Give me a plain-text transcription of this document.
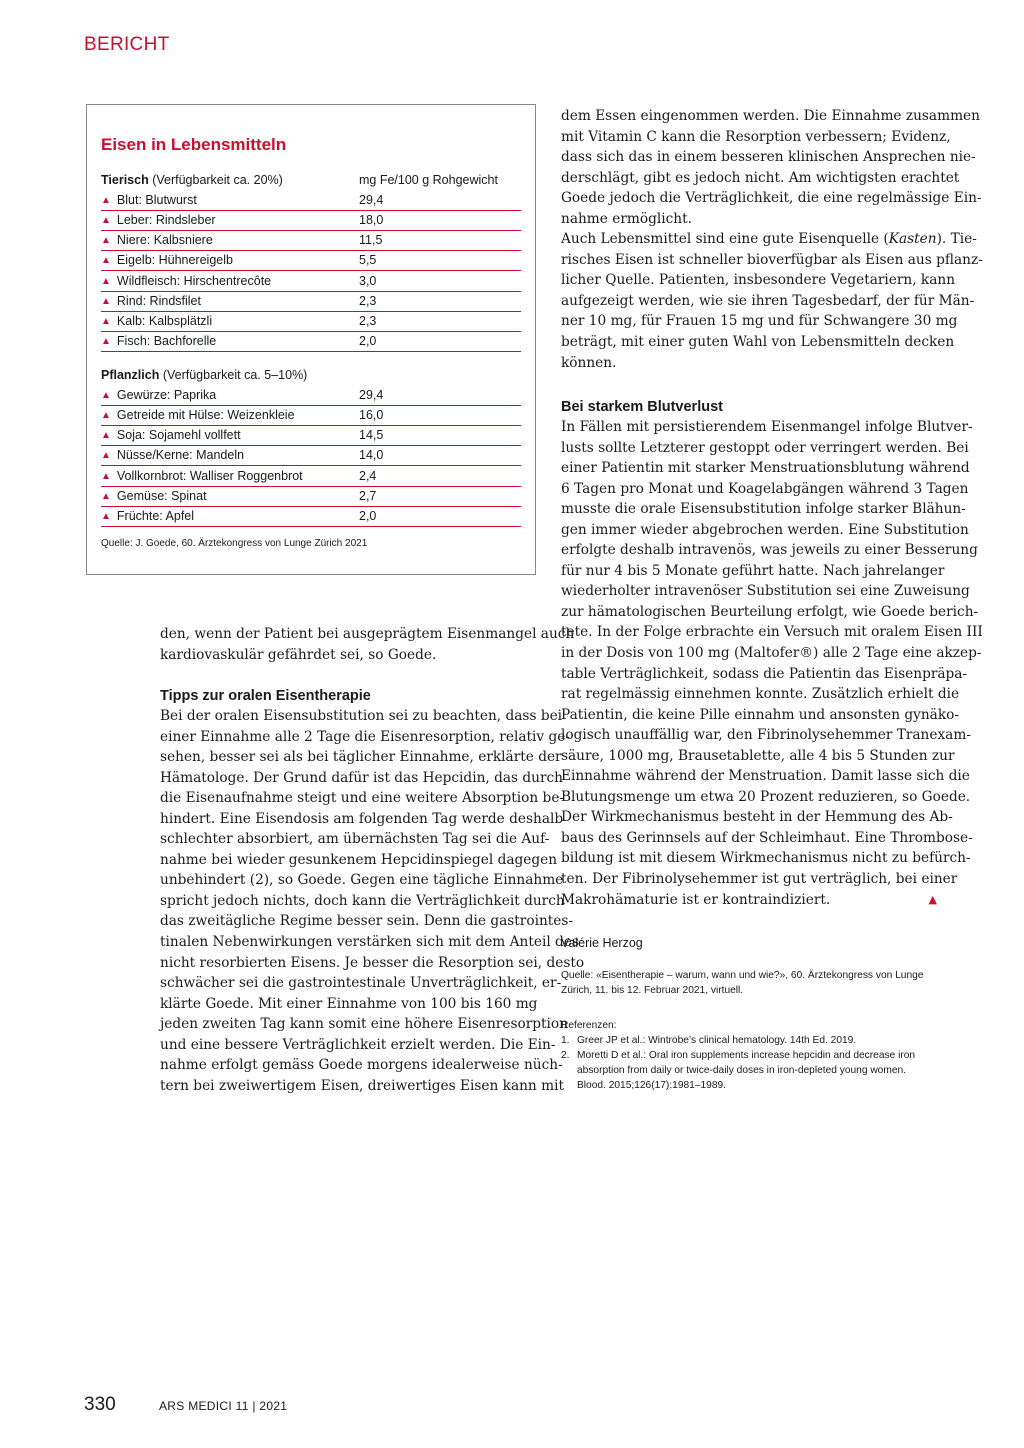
BERICHT
Eisen in Lebensmitteln
Tierisch (Verfügbarkeit ca. 20%)	mg Fe/100 g Rohgewicht
▲ Blut: Blutwurst	29,4
▲ Leber: Rindsleber	18,0
▲ Niere: Kalbsniere	11,5
▲ Eigelb: Hühnereigelb	5,5
▲ Wildfleisch: Hirschentrecôte	3,0
▲ Rind: Rindsfilet	2,3
▲ Kalb: Kalbsplätzli	2,3
▲ Fisch: Bachforelle	2,0
Pflanzlich (Verfügbarkeit ca. 5–10%)
▲ Gewürze: Paprika	29,4
▲ Getreide mit Hülse: Weizenkleie	16,0
▲ Soja: Sojamehl vollfett	14,5
▲ Nüsse/Kerne: Mandeln	14,0
▲ Vollkornbrot: Walliser Roggenbrot	2,4
▲ Gemüse: Spinat	2,7
▲ Früchte: Apfel	2,0
Quelle: J. Goede, 60. Ärztekongress von Lunge Zürich 2021
den, wenn der Patient bei ausgeprägtem Eisenmangel auch
kardiovaskulär gefährdet sei, so Goede.
Tipps zur oralen Eisentherapie
Bei der oralen Eisensubstitution sei zu beachten, dass bei
einer Einnahme alle 2 Tage die Eisenresorption, relativ ge-
sehen, besser sei als bei täglicher Einnahme, erklärte der
Hämatologe. Der Grund dafür ist das Hepcidin, das durch
die Eisenaufnahme steigt und eine weitere Absorption be-
hindert. Eine Eisendosis am folgenden Tag werde deshalb
schlechter absorbiert, am übernächsten Tag sei die Auf-
nahme bei wieder gesunkenem Hepcidinspiegel dagegen
unbehindert (2), so Goede. Gegen eine tägliche Einnahme
spricht jedoch nichts, doch kann die Verträglichkeit durch
das zweitägliche Regime besser sein. Denn die gastrointes-
tinalen Nebenwirkungen verstärken sich mit dem Anteil des
nicht resorbierten Eisens. Je besser die Resorption sei, desto
schwächer sei die gastrointestinale Unverträglichkeit, er-
klärte Goede. Mit einer Einnahme von 100 bis 160 mg
jeden zweiten Tag kann somit eine höhere Eisenresorption
und eine bessere Verträglichkeit erzielt werden. Die Ein-
nahme erfolgt gemäss Goede morgens idealerweise nüch-
tern bei zweiwertigem Eisen, dreiwertiges Eisen kann mit
dem Essen eingenommen werden. Die Einnahme zusammen
mit Vitamin C kann die Resorption verbessern; Evidenz,
dass sich das in einem besseren klinischen Ansprechen nie-
derschlägt, gibt es jedoch nicht. Am wichtigsten erachtet
Goede jedoch die Verträglichkeit, die eine regelmässige Ein-
nahme ermöglicht.
Auch Lebensmittel sind eine gute Eisenquelle (Kasten). Tie-
risches Eisen ist schneller bioverfügbar als Eisen aus pflanz-
licher Quelle. Patienten, insbesondere Vegetariern, kann
aufgezeigt werden, wie sie ihren Tagesbedarf, der für Män-
ner 10 mg, für Frauen 15 mg und für Schwangere 30 mg
beträgt, mit einer guten Wahl von Lebensmitteln decken
können.
Bei starkem Blutverlust
In Fällen mit persistierendem Eisenmangel infolge Blutver-
lusts sollte Letzterer gestoppt oder verringert werden. Bei
einer Patientin mit starker Menstruationsblutung während
6 Tagen pro Monat und Koagelabgängen während 3 Tagen
musste die orale Eisensubstitution infolge starker Blähun-
gen immer wieder abgebrochen werden. Eine Substitution
erfolgte deshalb intravenös, was jeweils zu einer Besserung
für nur 4 bis 5 Monate geführt hatte. Nach jahrelanger
wiederholter intravenöser Substitution sei eine Zuweisung
zur hämatologischen Beurteilung erfolgt, wie Goede berich-
tete. In der Folge erbrachte ein Versuch mit oralem Eisen III
in der Dosis von 100 mg (Maltofer®) alle 2 Tage eine akzep-
table Verträglichkeit, sodass die Patientin das Eisenpräpa-
rat regelmässig einnehmen konnte. Zusätzlich erhielt die
Patientin, die keine Pille einnahm und ansonsten gynäko-
logisch unauffällig war, den Fibrinolysehemmer Tranexam-
säure, 1000 mg, Brausetablette, alle 4 bis 5 Stunden zur
Einnahme während der Menstruation. Damit lasse sich die
Blutungsmenge um etwa 20 Prozent reduzieren, so Goede.
Der Wirkmechanismus besteht in der Hemmung des Ab-
baus des Gerinnsels auf der Schleimhaut. Eine Thrombose-
bildung ist mit diesem Wirkmechanismus nicht zu befürch-
ten. Der Fibrinolysehemmer ist gut verträglich, bei einer
Makrohämaturie ist er kontraindiziert.	▲
Valérie Herzog
Quelle: «Eisentherapie – warum, wann und wie?», 60. Ärztekongress von Lunge Zürich, 11. bis 12. Februar 2021, virtuell.
Referenzen:
1. Greer JP et al.: Wintrobe’s clinical hematology. 14th Ed. 2019.
2. Moretti D et al.: Oral iron supplements increase hepcidin and decrease iron absorption from daily or twice-daily doses in iron-depleted young women. Blood. 2015;126(17):1981–1989.
330	ARS MEDICI 11 | 2021
